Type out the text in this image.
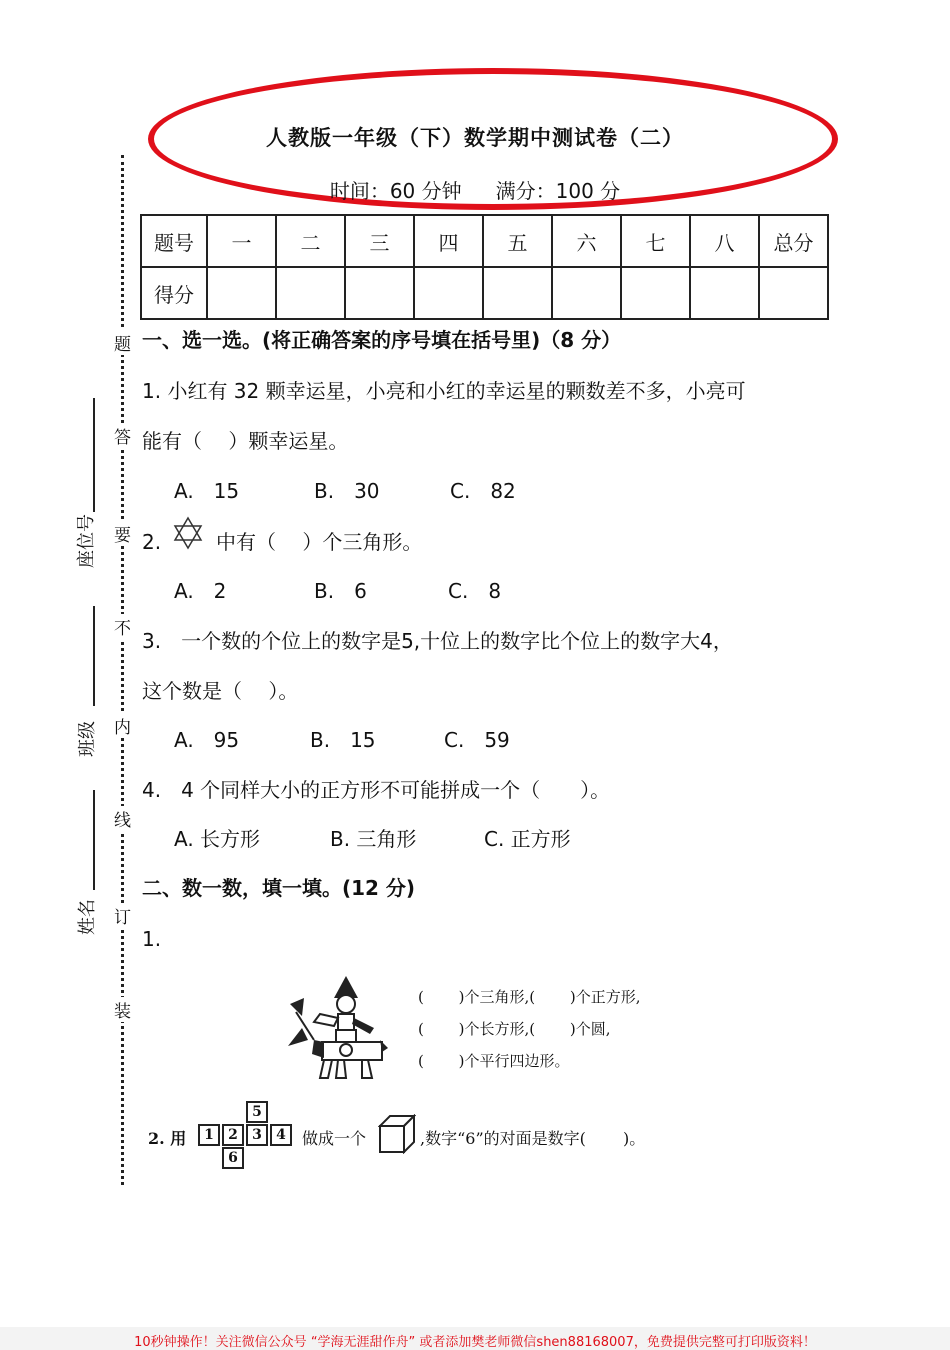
人教版一年级（下）数学期中测试卷（二）
时间：60 分钟 满分：100 分
题号	一	二	三	四	五	六	七	八	总分
得分									
题
答
要
不
内
线
订
装
座位号
班级
姓名
一、选一选。(将正确答案的序号填在括号里)（8 分）
1. 小红有 32 颗幸运星，小亮和小红的幸运星的颗数差不多，小亮可
能有（　 ）颗幸运星。
A.　15	B.　30	C.　82
2.	中有（　 ）个三角形。
A.　2	B.　6	C.　8
3.　一个数的个位上的数字是5,十位上的数字比个位上的数字大4，
这个数是（　 ）。
A.　95	B.　15	C.　59
4.　4 个同样大小的正方形不可能拼成一个（　　）。
A. 长方形	B. 三角形	C. 正方形
二、数一数，填一填。(12 分)
1.
(　　 )个三角形,(　　 )个正方形,
(　　 )个长方形,(　　 )个圆,
(　　 )个平行四边形。
2. 用
5
1	2	3	4
6
做成一个	,数字“6”的对面是数字(　　 )。
10秒钟操作！关注微信公众号 “学海无涯甜作舟” 或者添加樊老师微信shen88168007，免费提供完整可打印版资料！
